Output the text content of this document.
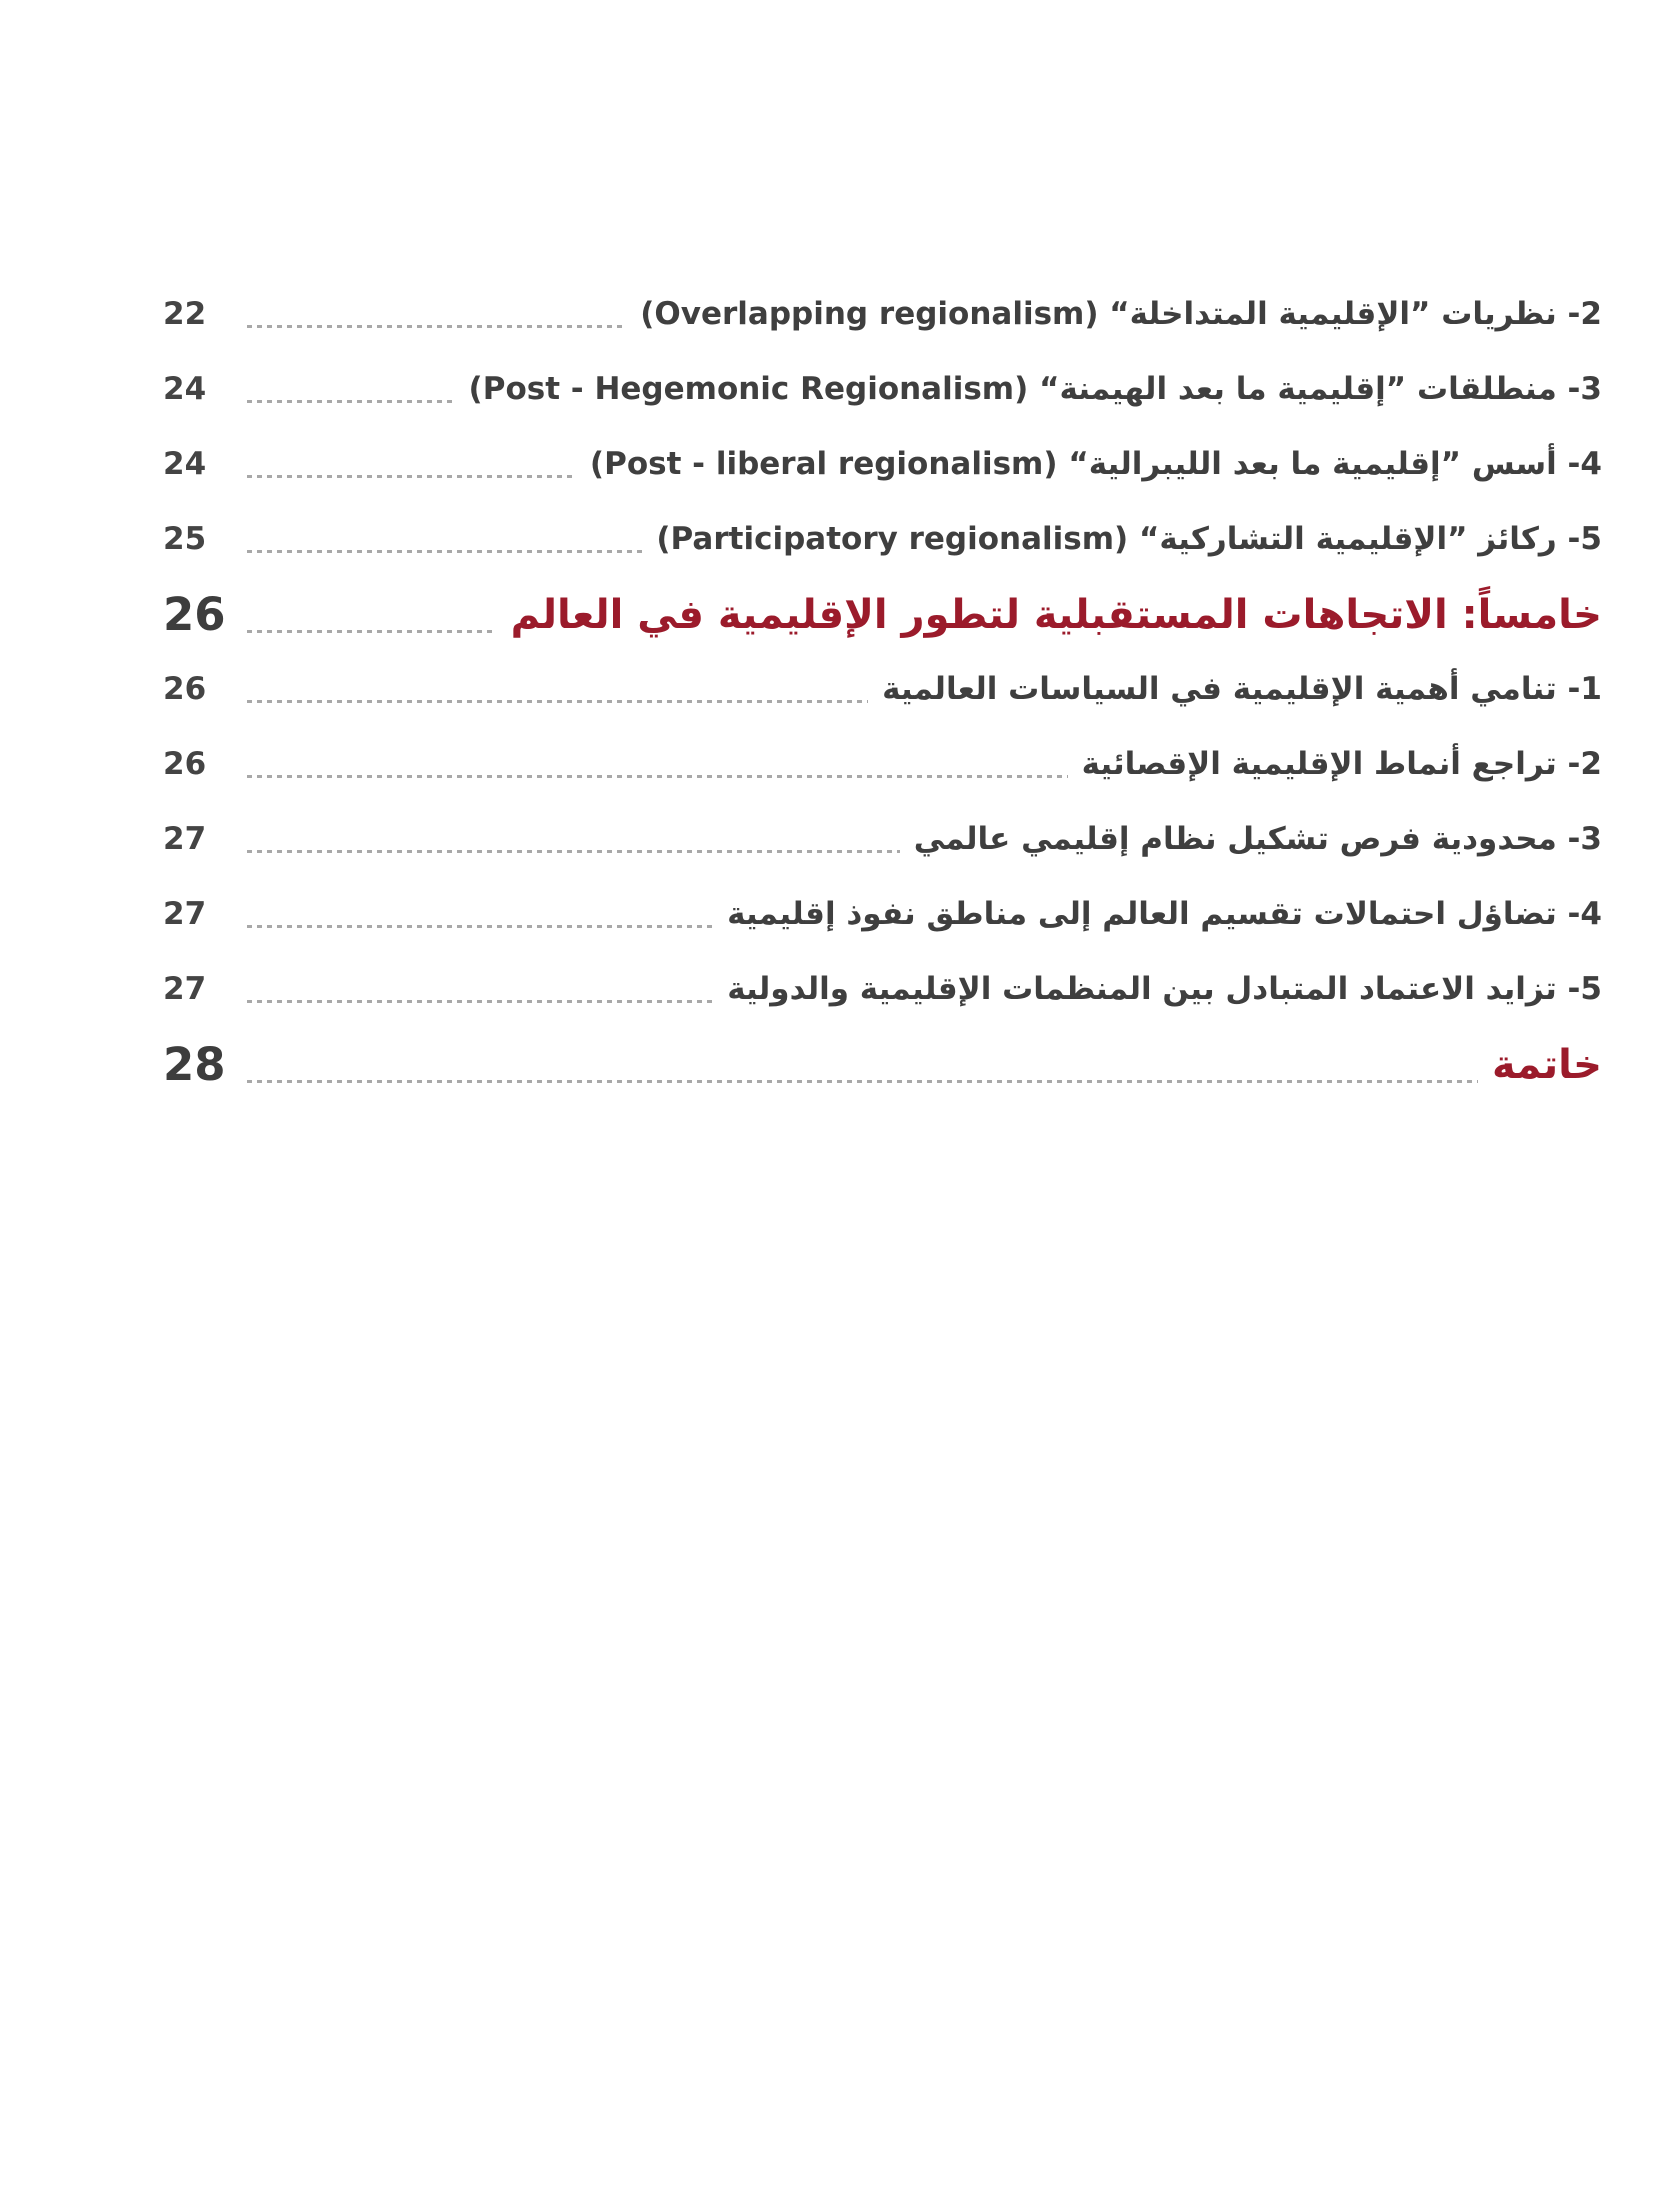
2- نظريات ”الإقليمية المتداخلة“ (Overlapping regionalism)
22
3- منطلقات ”إقليمية ما بعد الهيمنة“ (Post - Hegemonic Regionalism)
24
4- أسس ”إقليمية ما بعد الليبرالية“ (Post - liberal regionalism)
24
5- ركائز ”الإقليمية التشاركية“ (Participatory regionalism)
25
خامساً: الاتجاهات المستقبلية لتطور الإقليمية في العالم
26
1- تنامي أهمية الإقليمية في السياسات العالمية
26
2- تراجع أنماط الإقليمية الإقصائية
26
3- محدودية فرص تشكيل نظام إقليمي عالمي
27
4- تضاؤل احتمالات تقسيم العالم إلى مناطق نفوذ إقليمية
27
5- تزايد الاعتماد المتبادل بين المنظمات الإقليمية والدولية
27
خاتمة
28
